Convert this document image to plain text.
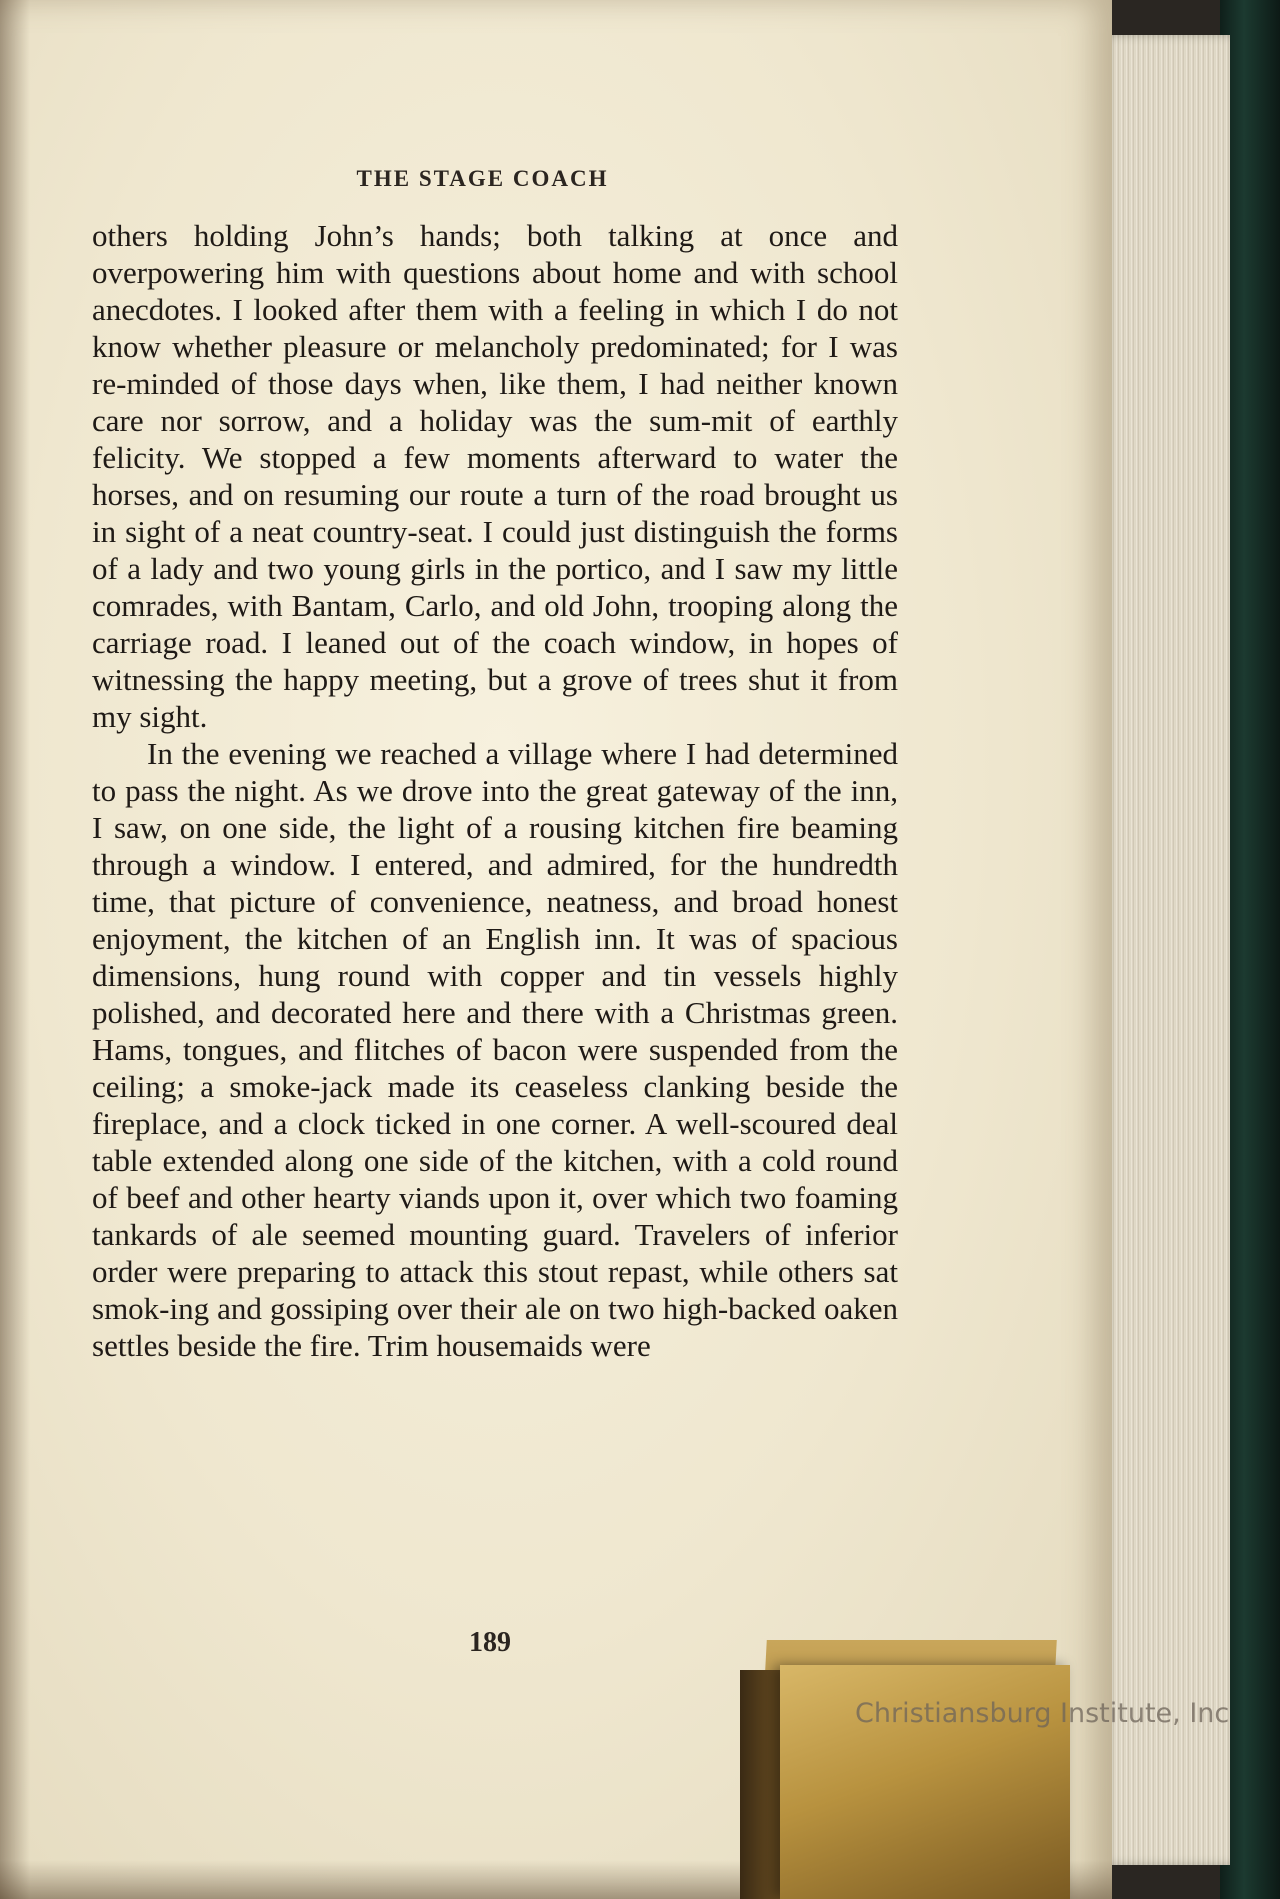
THE STAGE COACH

others holding John’s hands; both talking at once and overpowering him with questions about home and with school anecdotes. I looked after them with a feeling in which I do not know whether pleasure or melancholy predominated; for I was re-minded of those days when, like them, I had neither known care nor sorrow, and a holiday was the sum-mit of earthly felicity. We stopped a few moments afterward to water the horses, and on resuming our route a turn of the road brought us in sight of a neat country-seat. I could just distinguish the forms of a lady and two young girls in the portico, and I saw my little comrades, with Bantam, Carlo, and old John, trooping along the carriage road. I leaned out of the coach window, in hopes of witnessing the happy meeting, but a grove of trees shut it from my sight.

In the evening we reached a village where I had determined to pass the night. As we drove into the great gateway of the inn, I saw, on one side, the light of a rousing kitchen fire beaming through a window. I entered, and admired, for the hundredth time, that picture of convenience, neatness, and broad honest enjoyment, the kitchen of an English inn. It was of spacious dimensions, hung round with copper and tin vessels highly polished, and decorated here and there with a Christmas green. Hams, tongues, and flitches of bacon were suspended from the ceiling; a smoke-jack made its ceaseless clanking beside the fireplace, and a clock ticked in one corner. A well-scoured deal table extended along one side of the kitchen, with a cold round of beef and other hearty viands upon it, over which two foaming tankards of ale seemed mounting guard. Travelers of inferior order were preparing to attack this stout repast, while others sat smok-ing and gossiping over their ale on two high-backed oaken settles beside the fire. Trim housemaids were

189
Christiansburg Institute, Inc
